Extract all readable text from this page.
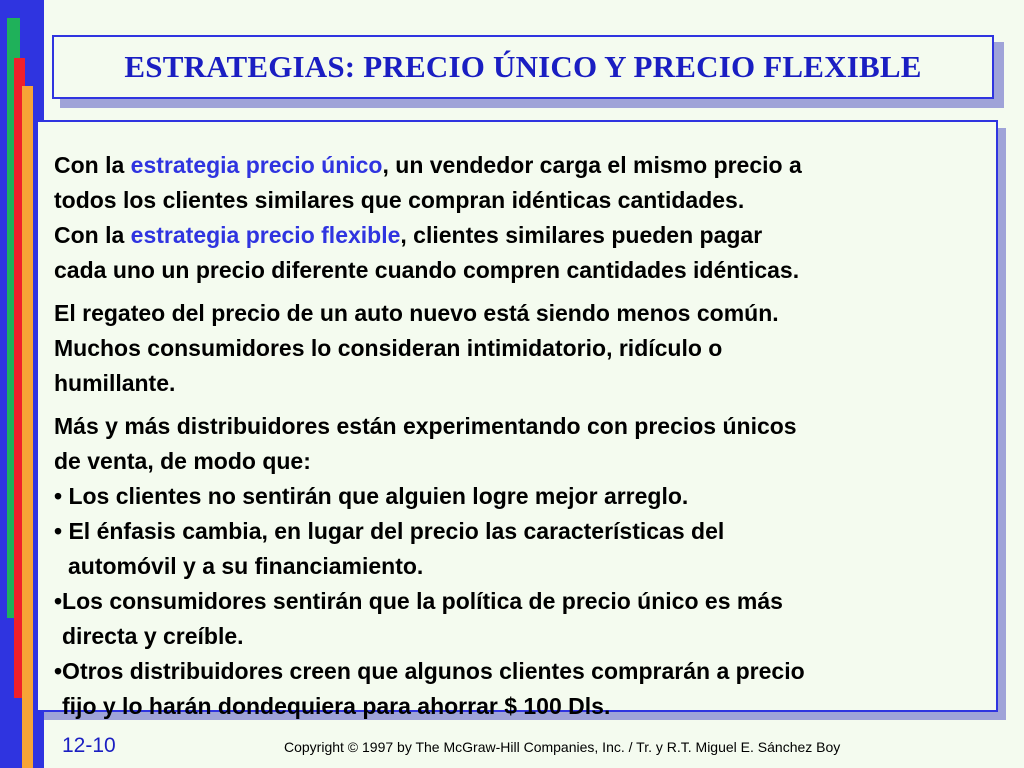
ESTRATEGIAS: PRECIO ÚNICO Y PRECIO FLEXIBLE
Con la estrategia precio único, un vendedor carga el mismo precio a
todos los clientes similares que compran idénticas cantidades.
Con la estrategia precio flexible, clientes similares pueden pagar
cada uno un precio diferente cuando compren cantidades idénticas.
El regateo del precio de un auto nuevo está siendo menos común.
Muchos consumidores lo consideran intimidatorio, ridículo o
humillante.
Más y más distribuidores están experimentando con precios únicos
de venta, de modo que:
• Los clientes no sentirán que alguien logre mejor arreglo.
• El énfasis cambia, en lugar del precio las características del
automóvil y a su financiamiento.
•Los consumidores sentirán que la política de precio único es más
directa y creíble.
•Otros distribuidores creen que algunos clientes comprarán a precio
fijo y lo harán dondequiera para ahorrar $ 100 Dls.
12-10	Copyright © 1997 by The McGraw-Hill Companies, Inc. / Tr. y R.T. Miguel E. Sánchez Boy
